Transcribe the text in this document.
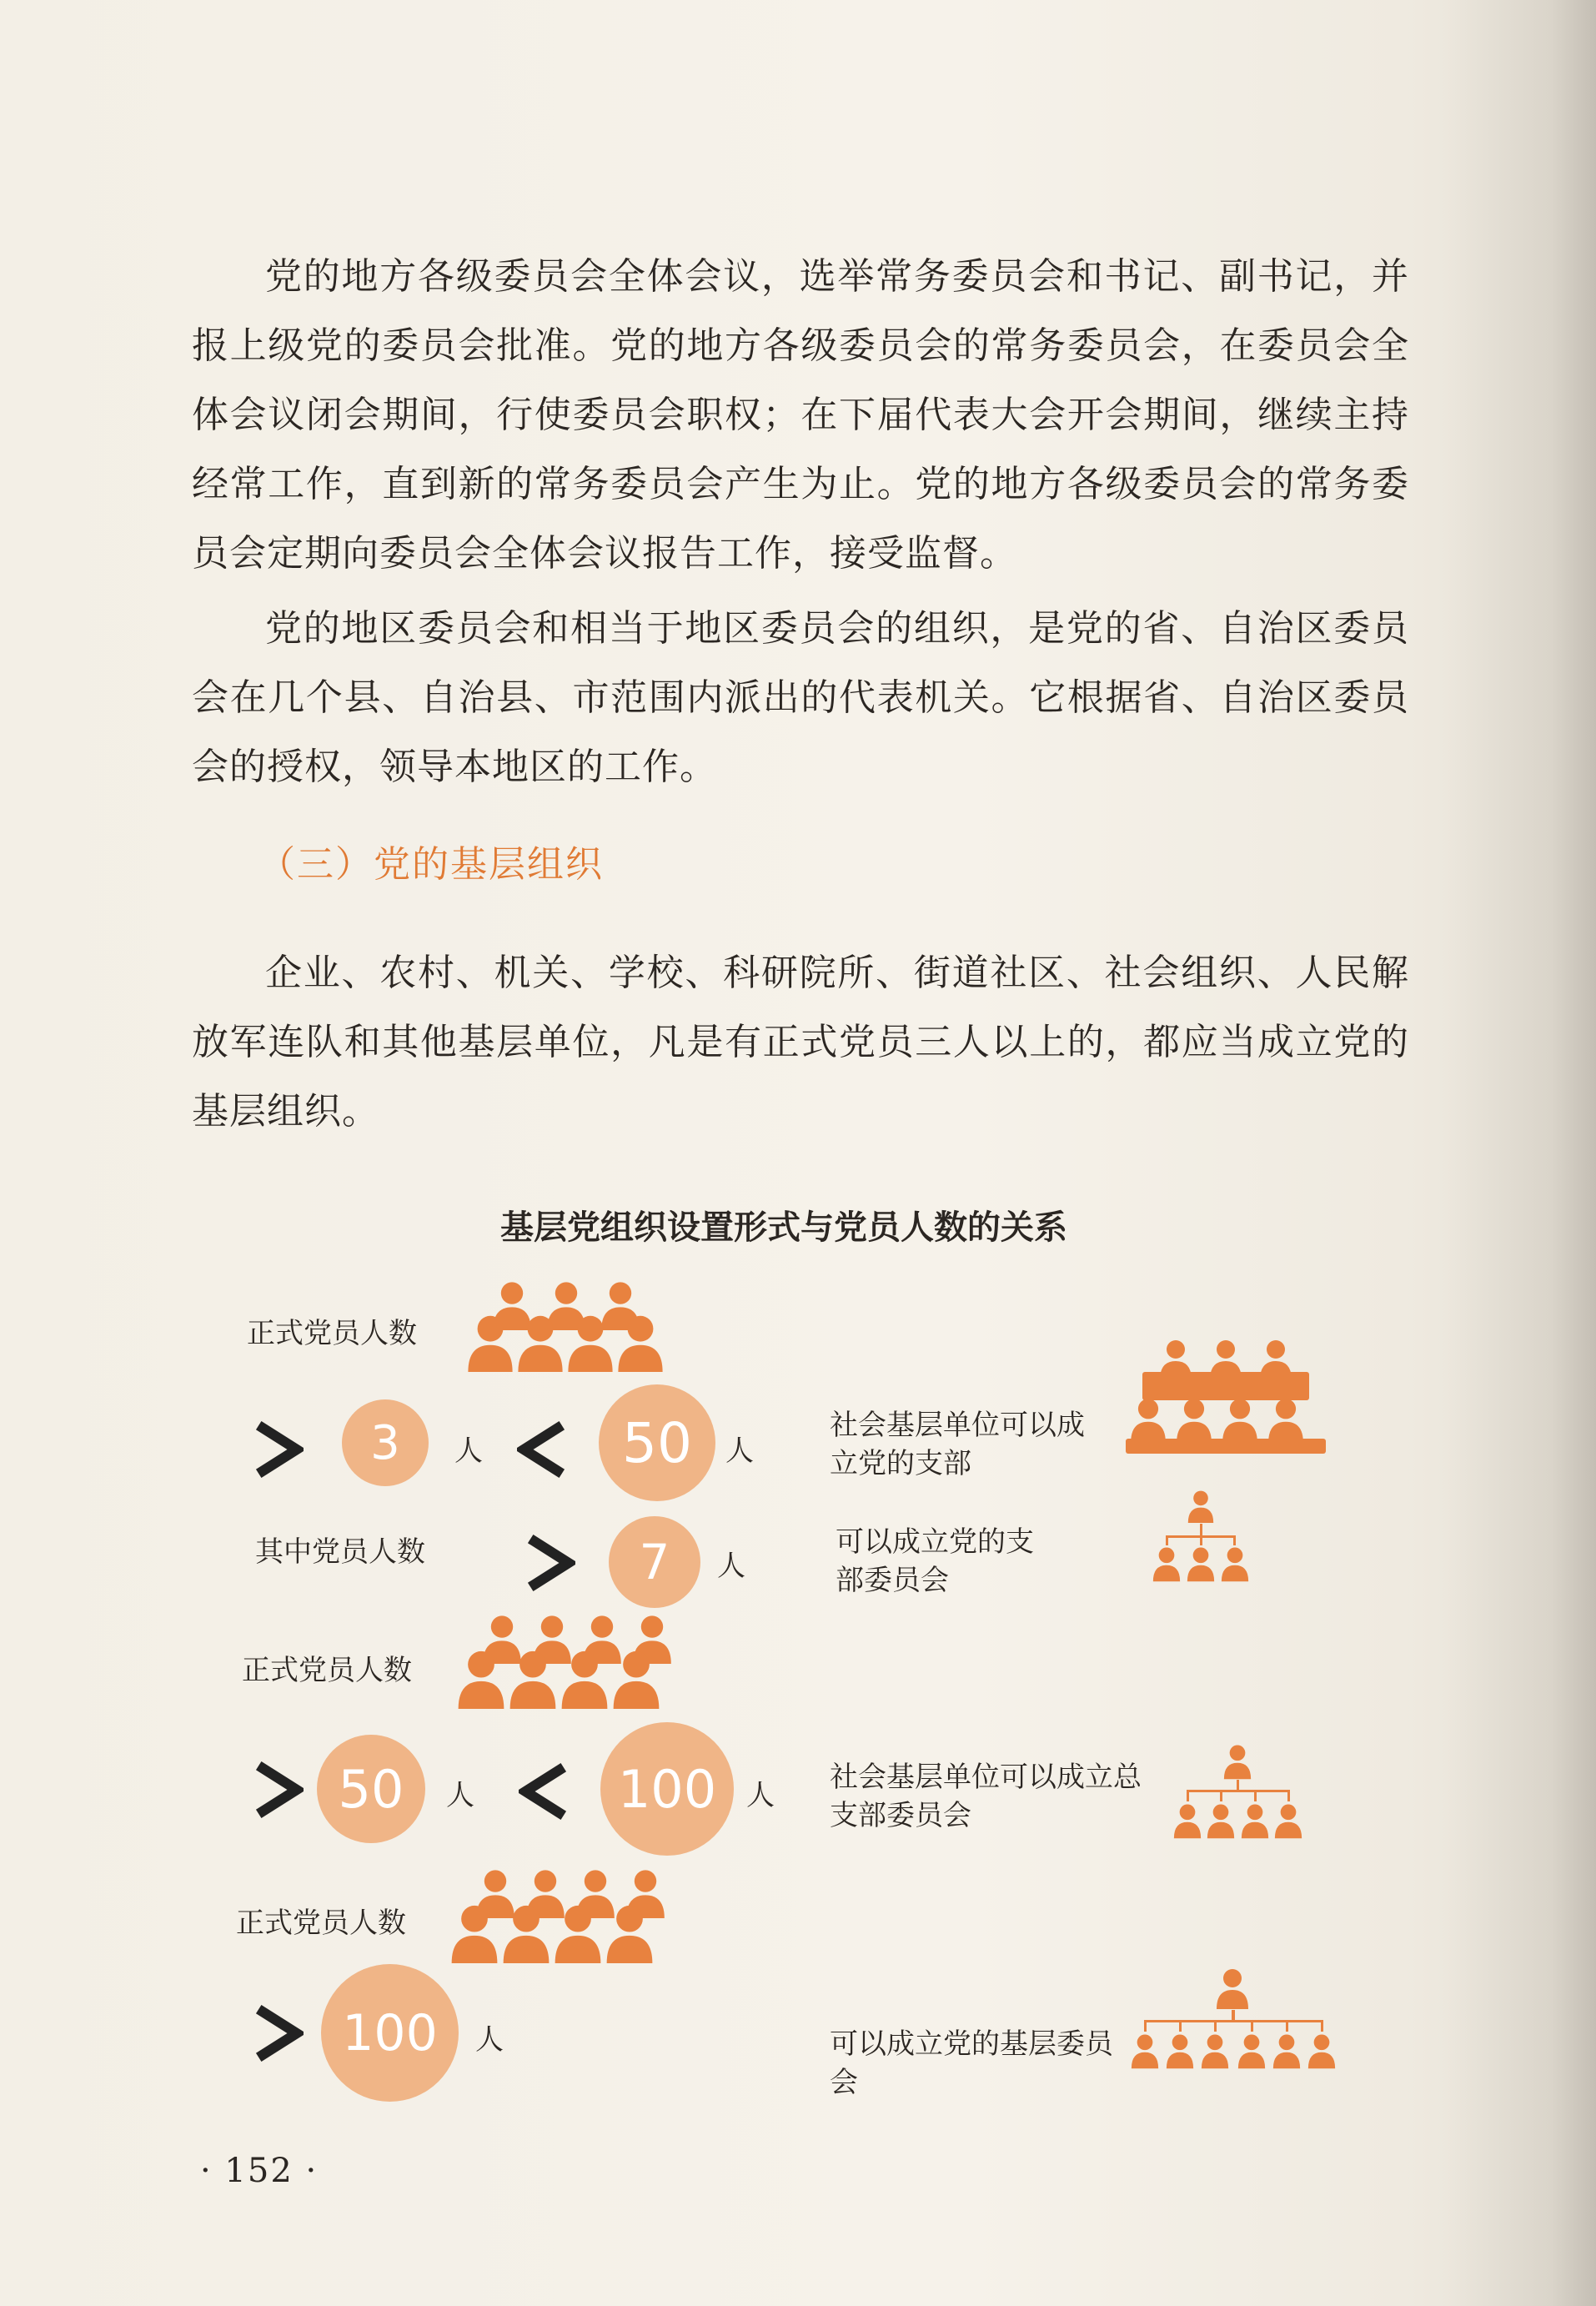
党的地方各级委员会全体会议，选举常务委员会和书记、副书记，并报上级党的委员会批准。党的地方各级委员会的常务委员会，在委员会全体会议闭会期间，行使委员会职权；在下届代表大会开会期间，继续主持经常工作，直到新的常务委员会产生为止。党的地方各级委员会的常务委员会定期向委员会全体会议报告工作，接受监督。

党的地区委员会和相当于地区委员会的组织，是党的省、自治区委员会在几个县、自治县、市范围内派出的代表机关。它根据省、自治区委员会的授权，领导本地区的工作。

（三）党的基层组织

企业、农村、机关、学校、科研院所、街道社区、社会组织、人民解放军连队和其他基层单位，凡是有正式党员三人以上的，都应当成立党的基层组织。

基层党组织设置形式与党员人数的关系
正式党员人数
3	人	50	人
社会基层单位可以成立党的支部
其中党员人数	7	人
可以成立党的支部委员会
正式党员人数
50	人	100	人
社会基层单位可以成立总支部委员会
正式党员人数
100	人	可以成立党的基层委员会
· 152 ·
